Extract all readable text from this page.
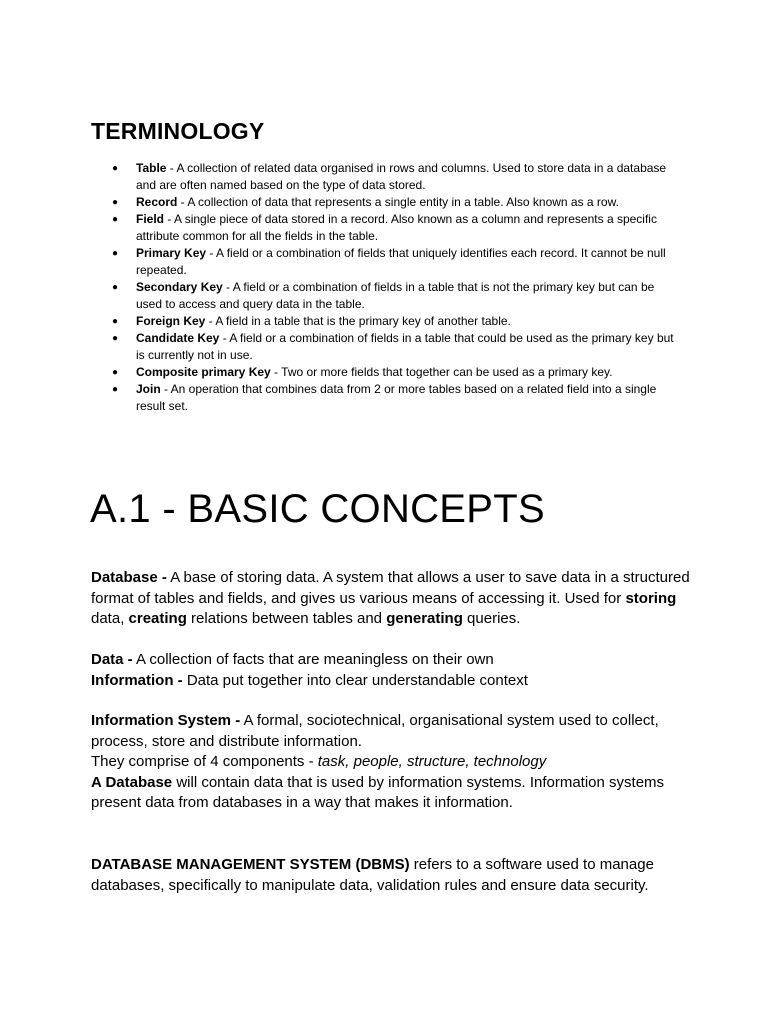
TERMINOLOGY
● Table - A collection of related data organised in rows and columns. Used to store data in a database and are often named based on the type of data stored.
● Record - A collection of data that represents a single entity in a table. Also known as a row.
● Field - A single piece of data stored in a record. Also known as a column and represents a specific attribute common for all the fields in the table.
● Primary Key - A field or a combination of fields that uniquely identifies each record. It cannot be null repeated.
● Secondary Key - A field or a combination of fields in a table that is not the primary key but can be used to access and query data in the table.
● Foreign Key - A field in a table that is the primary key of another table.
● Candidate Key - A field or a combination of fields in a table that could be used as the primary key but is currently not in use.
● Composite primary Key - Two or more fields that together can be used as a primary key.
● Join - An operation that combines data from 2 or more tables based on a related field into a single result set.
A.1 - BASIC CONCEPTS

Database - A base of storing data. A system that allows a user to save data in a structured format of tables and fields, and gives us various means of accessing it. Used for storing data, creating relations between tables and generating queries.

Data - A collection of facts that are meaningless on their own
Information - Data put together into clear understandable context

Information System - A formal, sociotechnical, organisational system used to collect, process, store and distribute information.
They comprise of 4 components - task, people, structure, technology
A Database will contain data that is used by information systems. Information systems present data from databases in a way that makes it information.

DATABASE MANAGEMENT SYSTEM (DBMS) refers to a software used to manage databases, specifically to manipulate data, validation rules and ensure data security.
